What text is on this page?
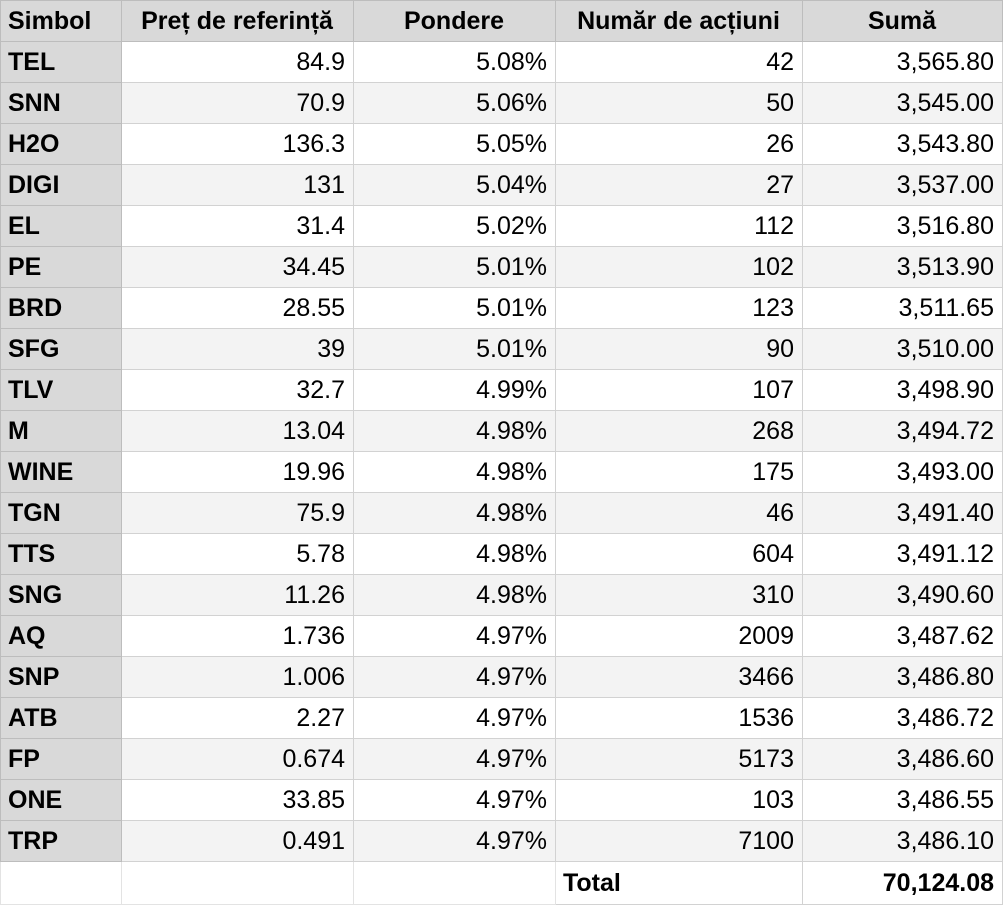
Simbol	Preț de referință	Pondere	Număr de acțiuni	Sumă
TEL	84.9	5.08%	42	3,565.80
SNN	70.9	5.06%	50	3,545.00
H2O	136.3	5.05%	26	3,543.80
DIGI	131	5.04%	27	3,537.00
EL	31.4	5.02%	112	3,516.80
PE	34.45	5.01%	102	3,513.90
BRD	28.55	5.01%	123	3,511.65
SFG	39	5.01%	90	3,510.00
TLV	32.7	4.99%	107	3,498.90
M	13.04	4.98%	268	3,494.72
WINE	19.96	4.98%	175	3,493.00
TGN	75.9	4.98%	46	3,491.40
TTS	5.78	4.98%	604	3,491.12
SNG	11.26	4.98%	310	3,490.60
AQ	1.736	4.97%	2009	3,487.62
SNP	1.006	4.97%	3466	3,486.80
ATB	2.27	4.97%	1536	3,486.72
FP	0.674	4.97%	5173	3,486.60
ONE	33.85	4.97%	103	3,486.55
TRP	0.491	4.97%	7100	3,486.10
			Total	70,124.08
